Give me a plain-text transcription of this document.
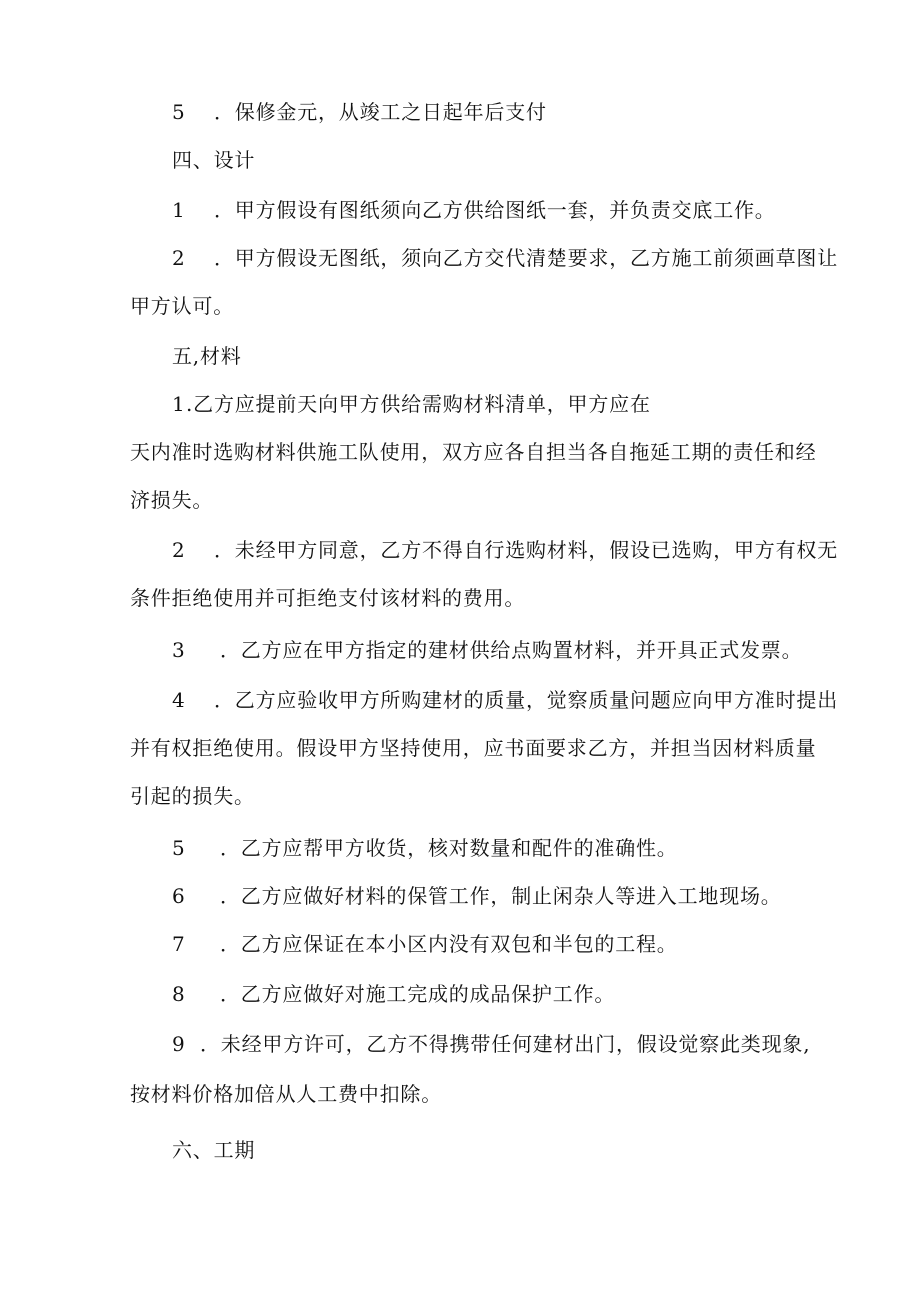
5 ．保修金元，从竣工之日起年后支付
四、设计
1 ．甲方假设有图纸须向乙方供给图纸一套，并负责交底工作。
2 ．甲方假设无图纸，须向乙方交代清楚要求，乙方施工前须画草图让
甲方认可。
五,材料
1.乙方应提前天向甲方供给需购材料清单，甲方应在
天内准时选购材料供施工队使用，双方应各自担当各自拖延工期的责任和经
济损失。
2 ．未经甲方同意，乙方不得自行选购材料，假设已选购，甲方有权无
条件拒绝使用并可拒绝支付该材料的费用。
3 ．乙方应在甲方指定的建材供给点购置材料，并开具正式发票。
4 ．乙方应验收甲方所购建材的质量，觉察质量问题应向甲方准时提出
并有权拒绝使用。假设甲方坚持使用，应书面要求乙方，并担当因材料质量
引起的损失。
5 ．乙方应帮甲方收货，核对数量和配件的准确性。
6 ．乙方应做好材料的保管工作，制止闲杂人等进入工地现场。
7 ．乙方应保证在本小区内没有双包和半包的工程。
8 ．乙方应做好对施工完成的成品保护工作。
9 ．未经甲方许可，乙方不得携带任何建材出门，假设觉察此类现象,
按材料价格加倍从人工费中扣除。
六、工期
